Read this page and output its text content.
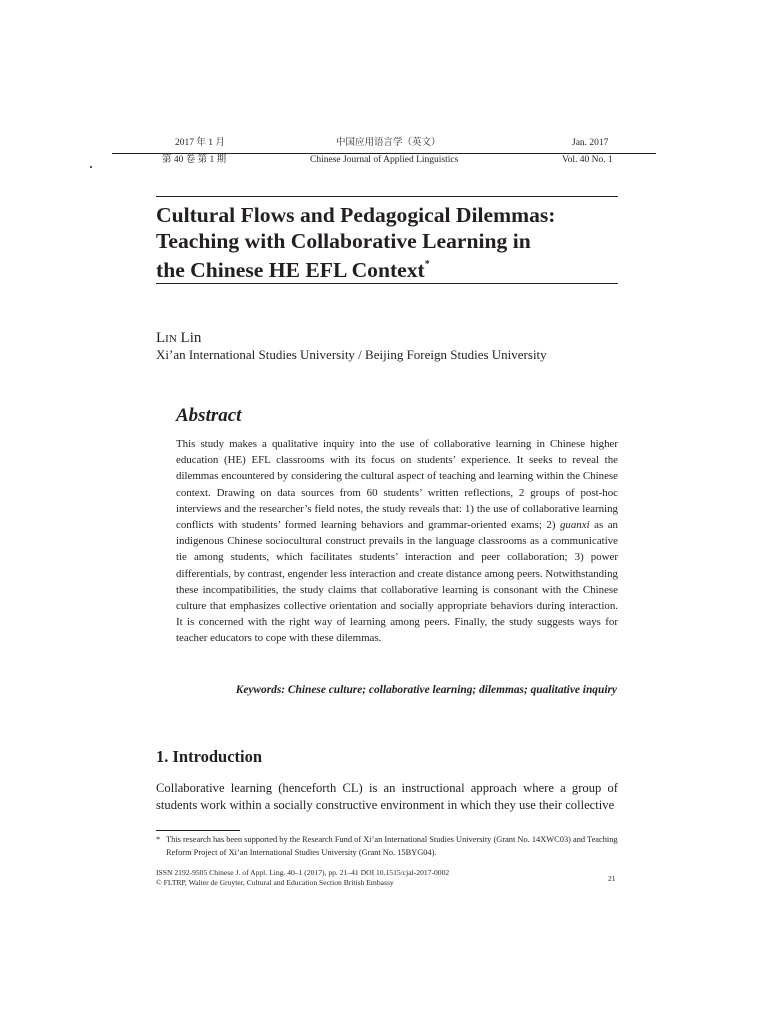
2017 年 1 月	中国应用语言学（英文）	Jan. 2017
第 40 卷 第 1 期	Chinese Journal of Applied Linguistics	Vol. 40 No. 1
Cultural Flows and Pedagogical Dilemmas:
Teaching with Collaborative Learning in
the Chinese HE EFL Context*
Lin Lin
Xi’an International Studies University / Beijing Foreign Studies University
Abstract

This study makes a qualitative inquiry into the use of collaborative learning in Chinese higher education (HE) EFL classrooms with its focus on students’ experience. It seeks to reveal the dilemmas encountered by considering the cultural aspect of teaching and learning within the Chinese context. Drawing on data sources from 60 students’ written reflections, 2 groups of post-hoc interviews and the researcher’s field notes, the study reveals that: 1) the use of collaborative learning conflicts with students’ formed learning behaviors and grammar-oriented exams; 2) guanxi as an indigenous Chinese sociocultural construct prevails in the language classrooms as a communicative tie among students, which facilitates students’ interaction and peer collaboration; 3) power differentials, by contrast, engender less interaction and create distance among peers. Notwithstanding these incompatibilities, the study claims that collaborative learning is consonant with the Chinese culture that emphasizes collective orientation and socially appropriate behaviors during interaction. It is concerned with the right way of learning among peers. Finally, the study suggests ways for teacher educators to cope with these dilemmas.

Keywords: Chinese culture; collaborative learning; dilemmas; qualitative inquiry
1. Introduction

Collaborative learning (henceforth CL) is an instructional approach where a group of students work within a socially constructive environment in which they use their collective

* This research has been supported by the Research Fund of Xi’an International Studies University (Grant No. 14XWC03) and Teaching Reform Project of Xi’an International Studies University (Grant No. 15BYG04).
ISSN 2192-9505 Chinese J. of Appl. Ling. 40–1 (2017), pp. 21–41 DOI 10.1515/cjal-2017-0002
© FLTRP, Walter de Gruyter, Cultural and Education Section British Embassy	21
